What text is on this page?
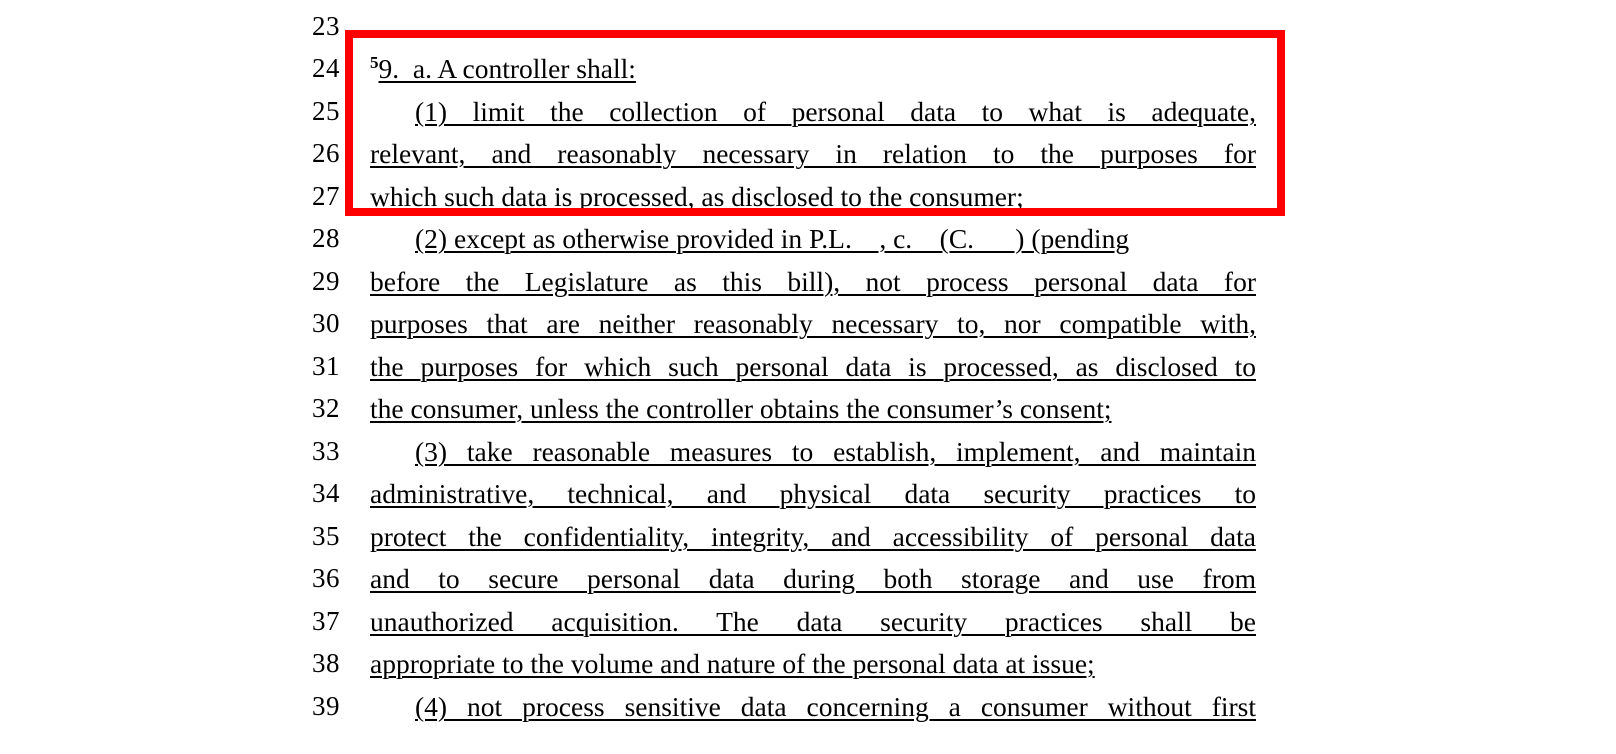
23
24
25
26
27
28
29
30
31
32
33
34
35
36
37
38
39
59.  a. A controller shall:
(1)  limit  the  collection  of  personal  data  to  what  is  adequate,
relevant,  and  reasonably  necessary  in  relation  to  the  purposes  for
which such data is processed, as disclosed to the consumer;
(2) except as otherwise provided in P.L.    , c.    (C.      ) (pending
before  the  Legislature  as  this  bill),  not  process  personal  data  for
purposes that are neither reasonably necessary to, nor compatible with,
the purposes for which such personal data is processed, as disclosed to
the consumer, unless the controller obtains the consumer’s consent;
(3) take reasonable measures to establish, implement, and maintain
administrative,  technical,  and  physical  data  security  practices  to
protect the confidentiality, integrity, and accessibility of personal data
and  to  secure  personal  data  during  both  storage  and  use  from
unauthorized  acquisition.  The  data  security  practices  shall  be
appropriate to the volume and nature of the personal data at issue;
(4) not process sensitive data concerning a consumer without first
